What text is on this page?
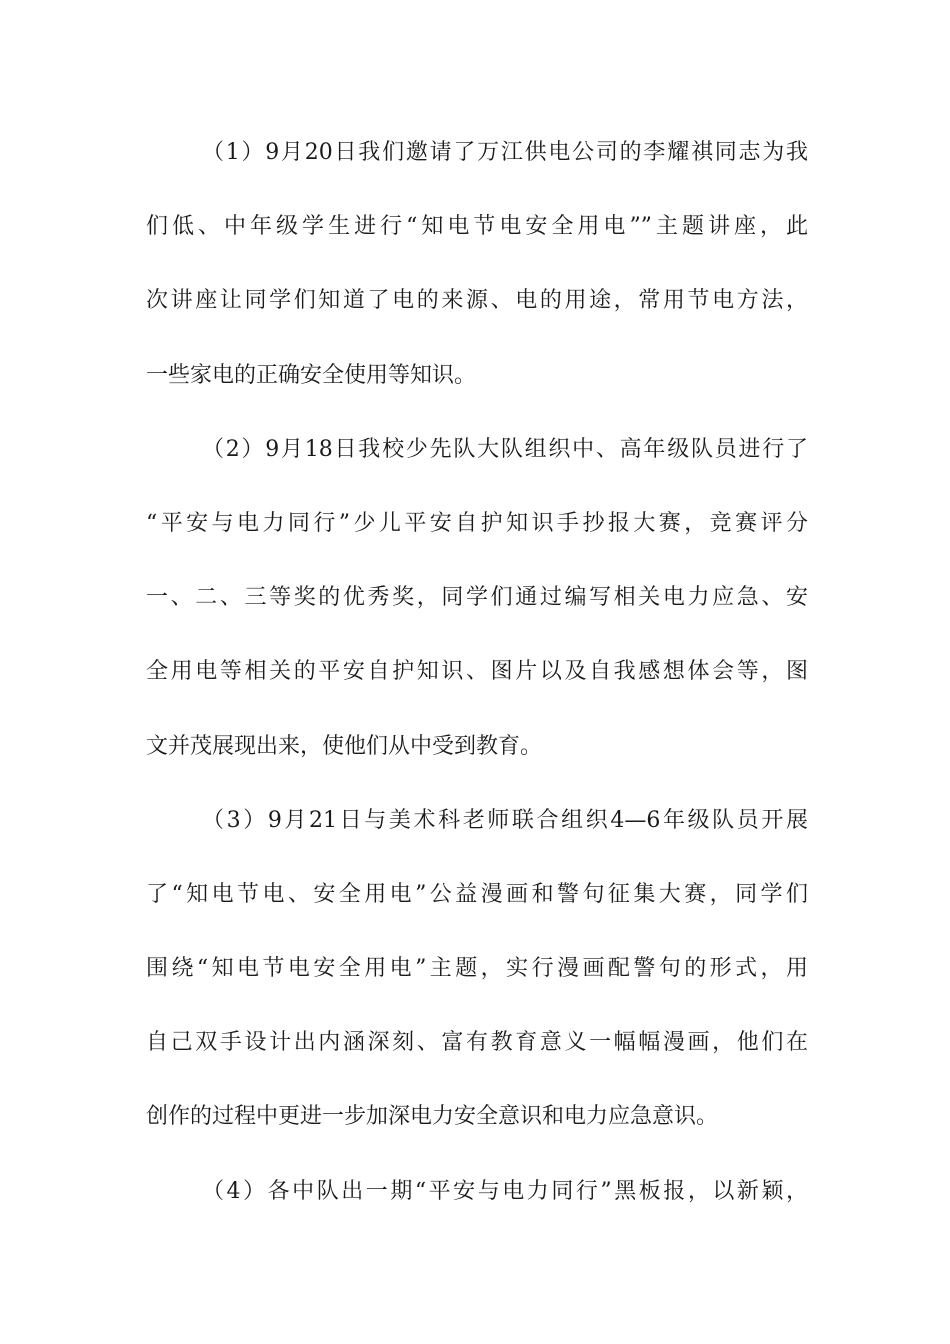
（1）9月20日我们邀请了万江供电公司的李耀祺同志为我
们低、中年级学生进行“知电节电安全用电””主题讲座，此
次讲座让同学们知道了电的来源、电的用途，常用节电方法，
一些家电的正确安全使用等知识。
（2）9月18日我校少先队大队组织中、高年级队员进行了
“平安与电力同行”少儿平安自护知识手抄报大赛，竞赛评分
一、二、三等奖的优秀奖，同学们通过编写相关电力应急、安
全用电等相关的平安自护知识、图片以及自我感想体会等，图
文并茂展现出来，使他们从中受到教育。
（3）9月21日与美术科老师联合组织4—6年级队员开展
了“知电节电、安全用电”公益漫画和警句征集大赛，同学们
围绕“知电节电安全用电”主题，实行漫画配警句的形式，用
自己双手设计出内涵深刻、富有教育意义一幅幅漫画，他们在
创作的过程中更进一步加深电力安全意识和电力应急意识。
（4）各中队出一期“平安与电力同行”黑板报，以新颖，
